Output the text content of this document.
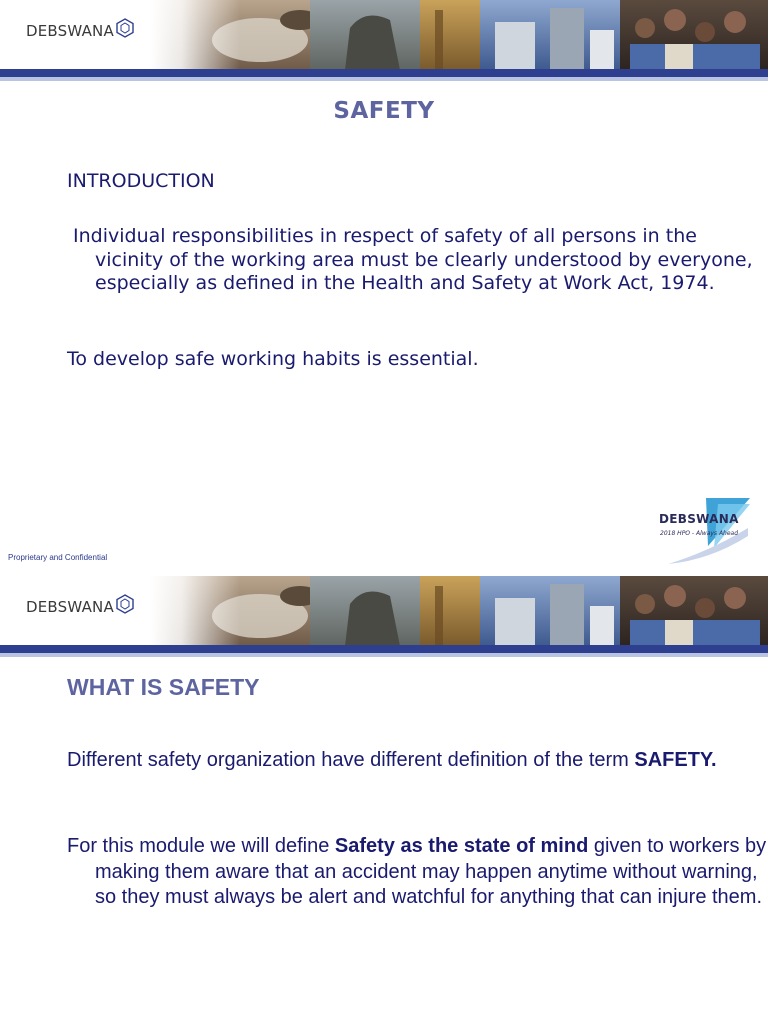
DEBSWANA
SAFETY
INTRODUCTION
Individual responsibilities in respect of safety of all persons in the vicinity of the working area must be clearly understood by everyone, especially as defined in the Health and Safety at Work Act, 1974.
To develop safe working habits is essential.
DEBSWANA
2018 HPO - Always Ahead
Proprietary and Confidential
DEBSWANA
WHAT IS SAFETY
Different safety organization have different definition of the term SAFETY.
For this module we will define Safety as the state of mind given to workers by making them aware that an accident may happen anytime without warning, so they must always be alert and watchful for anything that can injure them.
